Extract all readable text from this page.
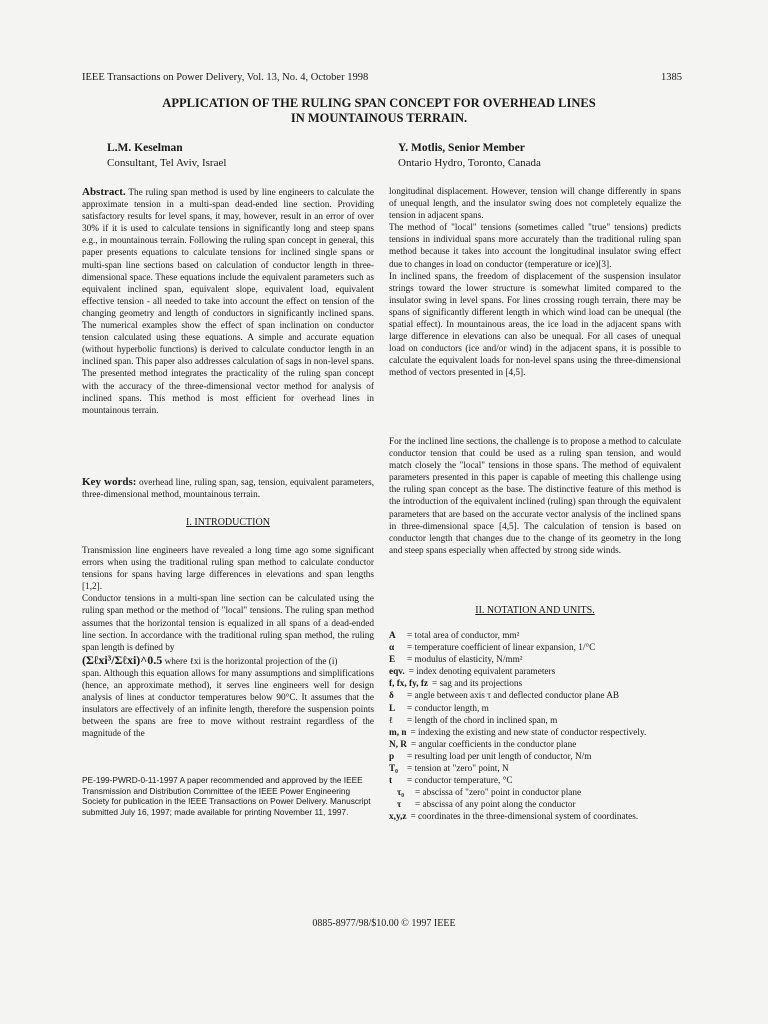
IEEE Transactions on Power Delivery, Vol. 13, No. 4, October 1998	1385
APPLICATION OF THE RULING SPAN CONCEPT FOR OVERHEAD LINES
IN MOUNTAINOUS TERRAIN.
L.M. Keselman
Consultant, Tel Aviv, Israel
Y. Motlis, Senior Member
Ontario Hydro, Toronto, Canada

Abstract. The ruling span method is used by line engineers to calculate the approximate tension in a multi-span dead-ended line section. Providing satisfactory results for level spans, it may, however, result in an error of over 30% if it is used to calculate tensions in significantly long and steep spans e.g., in mountainous terrain. Following the ruling span concept in general, this paper presents equations to calculate tensions for inclined single spans or multi-span line sections based on calculation of conductor length in three-dimensional space. These equations include the equivalent parameters such as equivalent inclined span, equivalent slope, equivalent load, equivalent effective tension - all needed to take into account the effect on tension of the changing geometry and length of conductors in significantly inclined spans. The numerical examples show the effect of span inclination on conductor tension calculated using these equations. A simple and accurate equation (without hyperbolic functions) is derived to calculate conductor length in an inclined span. This paper also addresses calculation of sags in non-level spans. The presented method integrates the practicality of the ruling span concept with the accuracy of the three-dimensional vector method for analysis of inclined spans. This method is most efficient for overhead lines in mountainous terrain.

Key words: overhead line, ruling span, sag, tension, equivalent parameters, three-dimensional method, mountainous terrain.

I. INTRODUCTION

Transmission line engineers have revealed a long time ago some significant errors when using the traditional ruling span method to calculate conductor tensions for spans having large differences in elevations and span lengths [1,2].

Conductor tensions in a multi-span line section can be calculated using the ruling span method or the method of "local" tensions. The ruling span method assumes that the horizontal tension is equalized in all spans of a dead-ended line section. In accordance with the traditional ruling span method, the ruling span length is defined by

(Σℓxi³/Σℓxi)^0.5 where ℓxi is the horizontal projection of the (i)

span. Although this equation allows for many assumptions and simplifications (hence, an approximate method), it serves line engineers well for design analysis of lines at conductor temperatures below 90°C. It assumes that the insulators are effectively of an infinite length, therefore the suspension points between the spans are free to move without restraint regardless of the magnitude of the

PE-199-PWRD-0-11-1997 A paper recommended and approved by the IEEE Transmission and Distribution Committee of the IEEE Power Engineering Society for publication in the IEEE Transactions on Power Delivery. Manuscript submitted July 16, 1997; made available for printing November 11, 1997.

longitudinal displacement. However, tension will change differently in spans of unequal length, and the insulator swing does not completely equalize the tension in adjacent spans.

The method of "local" tensions (sometimes called "true" tensions) predicts tensions in individual spans more accurately than the traditional ruling span method because it takes into account the longitudinal insulator swing effect due to changes in load on conductor (temperature or ice)[3].

In inclined spans, the freedom of displacement of the suspension insulator strings toward the lower structure is somewhat limited compared to the insulator swing in level spans. For lines crossing rough terrain, there may be spans of significantly different length in which wind load can be unequal (the spatial effect). In mountainous areas, the ice load in the adjacent spans with large difference in elevations can also be unequal. For all cases of unequal load on conductors (ice and/or wind) in the adjacent spans, it is possible to calculate the equivalent loads for non-level spans using the three-dimensional method of vectors presented in [4,5].

For the inclined line sections, the challenge is to propose a method to calculate conductor tension that could be used as a ruling span tension, and would match closely the "local" tensions in those spans. The method of equivalent parameters presented in this paper is capable of meeting this challenge using the ruling span concept as the base. The distinctive feature of this method is the introduction of the equivalent inclined (ruling) span through the equivalent parameters that are based on the accurate vector analysis of the inclined spans in three-dimensional space [4,5]. The calculation of tension is based on conductor length that changes due to the change of its geometry in the long and steep spans especially when affected by strong side winds.

II. NOTATION AND UNITS.

A	= total area of conductor, mm²
α	= temperature coefficient of linear expansion, 1/°C
E	= modulus of elasticity, N/mm²
eqv. = index denoting equivalent parameters
f, fx, fy, fz = sag and its projections
δ	= angle between axis τ and deflected conductor plane AB
L	= conductor length, m
ℓ	= length of the chord in inclined span, m
m, n = indexing the existing and new state of conductor respectively.
N, R = angular coefficients in the conductor plane
p	= resulting load per unit length of conductor, N/m
T₀ = tension at "zero" point, N
t	= conductor temperature, °C
τ₀	= abscissa of "zero" point in conductor plane
τ	= abscissa of any point along the conductor
x,y,z = coordinates in the three-dimensional system of coordinates.
0885-8977/98/$10.00 © 1997 IEEE
